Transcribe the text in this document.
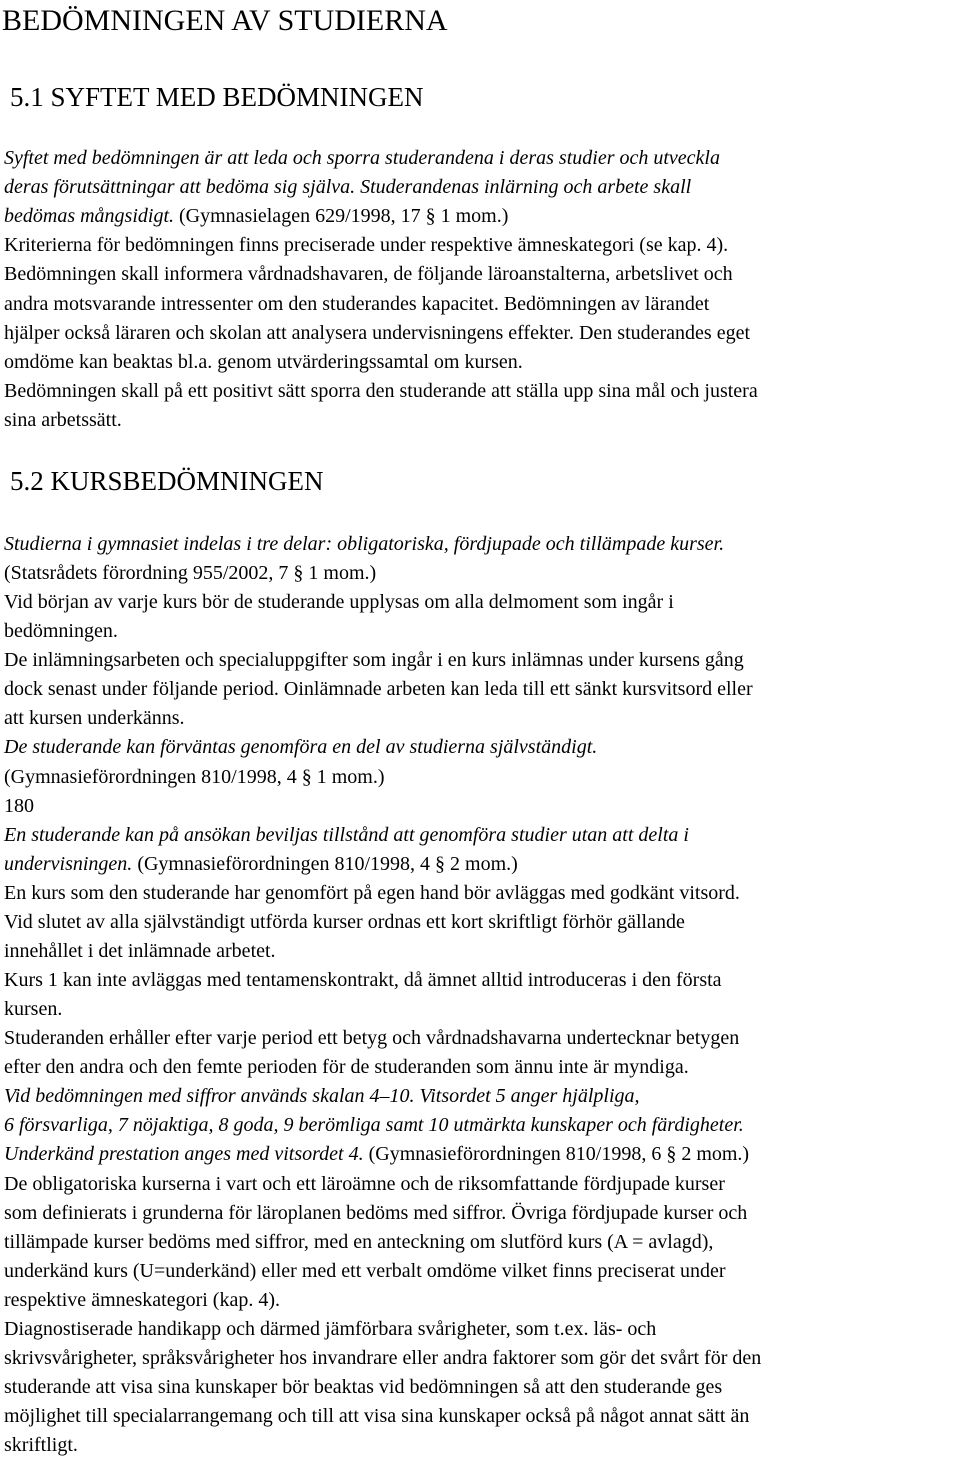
BEDÖMNINGEN AV STUDIERNA
5.1 SYFTET MED BEDÖMNINGEN
Syftet med bedömningen är att leda och sporra studerandena i deras studier och utveckla
deras förutsättningar att bedöma sig själva. Studerandenas inlärning och arbete skall
bedömas mångsidigt. (Gymnasielagen 629/1998, 17 § 1 mom.)
Kriterierna för bedömningen finns preciserade under respektive ämneskategori (se kap. 4).
Bedömningen skall informera vårdnadshavaren, de följande läroanstalterna, arbetslivet och
andra motsvarande intressenter om den studerandes kapacitet. Bedömningen av lärandet
hjälper också läraren och skolan att analysera undervisningens effekter. Den studerandes eget
omdöme kan beaktas bl.a. genom utvärderingssamtal om kursen.
Bedömningen skall på ett positivt sätt sporra den studerande att ställa upp sina mål och justera
sina arbetssätt.
5.2 KURSBEDÖMNINGEN
Studierna i gymnasiet indelas i tre delar: obligatoriska, fördjupade och tillämpade kurser.
(Statsrådets förordning 955/2002, 7 § 1 mom.)
Vid början av varje kurs bör de studerande upplysas om alla delmoment som ingår i
bedömningen.
De inlämningsarbeten och specialuppgifter som ingår i en kurs inlämnas under kursens gång
dock senast under följande period. Oinlämnade arbeten kan leda till ett sänkt kursvitsord eller
att kursen underkänns.
De studerande kan förväntas genomföra en del av studierna självständigt.
(Gymnasieförordningen 810/1998, 4 § 1 mom.)
180
En studerande kan på ansökan beviljas tillstånd att genomföra studier utan att delta i
undervisningen. (Gymnasieförordningen 810/1998, 4 § 2 mom.)
En kurs som den studerande har genomfört på egen hand bör avläggas med godkänt vitsord.
Vid slutet av alla självständigt utförda kurser ordnas ett kort skriftligt förhör gällande
innehållet i det inlämnade arbetet.
Kurs 1 kan inte avläggas med tentamenskontrakt, då ämnet alltid introduceras i den första
kursen.
Studeranden erhåller efter varje period ett betyg och vårdnadshavarna undertecknar betygen
efter den andra och den femte perioden för de studeranden som ännu inte är myndiga.
Vid bedömningen med siffror används skalan 4–10. Vitsordet 5 anger hjälpliga,
6 försvarliga, 7 nöjaktiga, 8 goda, 9 berömliga samt 10 utmärkta kunskaper och färdigheter.
Underkänd prestation anges med vitsordet 4. (Gymnasieförordningen 810/1998, 6 § 2 mom.)
De obligatoriska kurserna i vart och ett läroämne och de riksomfattande fördjupade kurser
som definierats i grunderna för läroplanen bedöms med siffror. Övriga fördjupade kurser och
tillämpade kurser bedöms med siffror, med en anteckning om slutförd kurs (A = avlagd),
underkänd kurs (U=underkänd) eller med ett verbalt omdöme vilket finns preciserat under
respektive ämneskategori (kap. 4).
Diagnostiserade handikapp och därmed jämförbara svårigheter, som t.ex. läs- och
skrivsvårigheter, språksvårigheter hos invandrare eller andra faktorer som gör det svårt för den
studerande att visa sina kunskaper bör beaktas vid bedömningen så att den studerande ges
möjlighet till specialarrangemang och till att visa sina kunskaper också på något annat sätt än
skriftligt.
